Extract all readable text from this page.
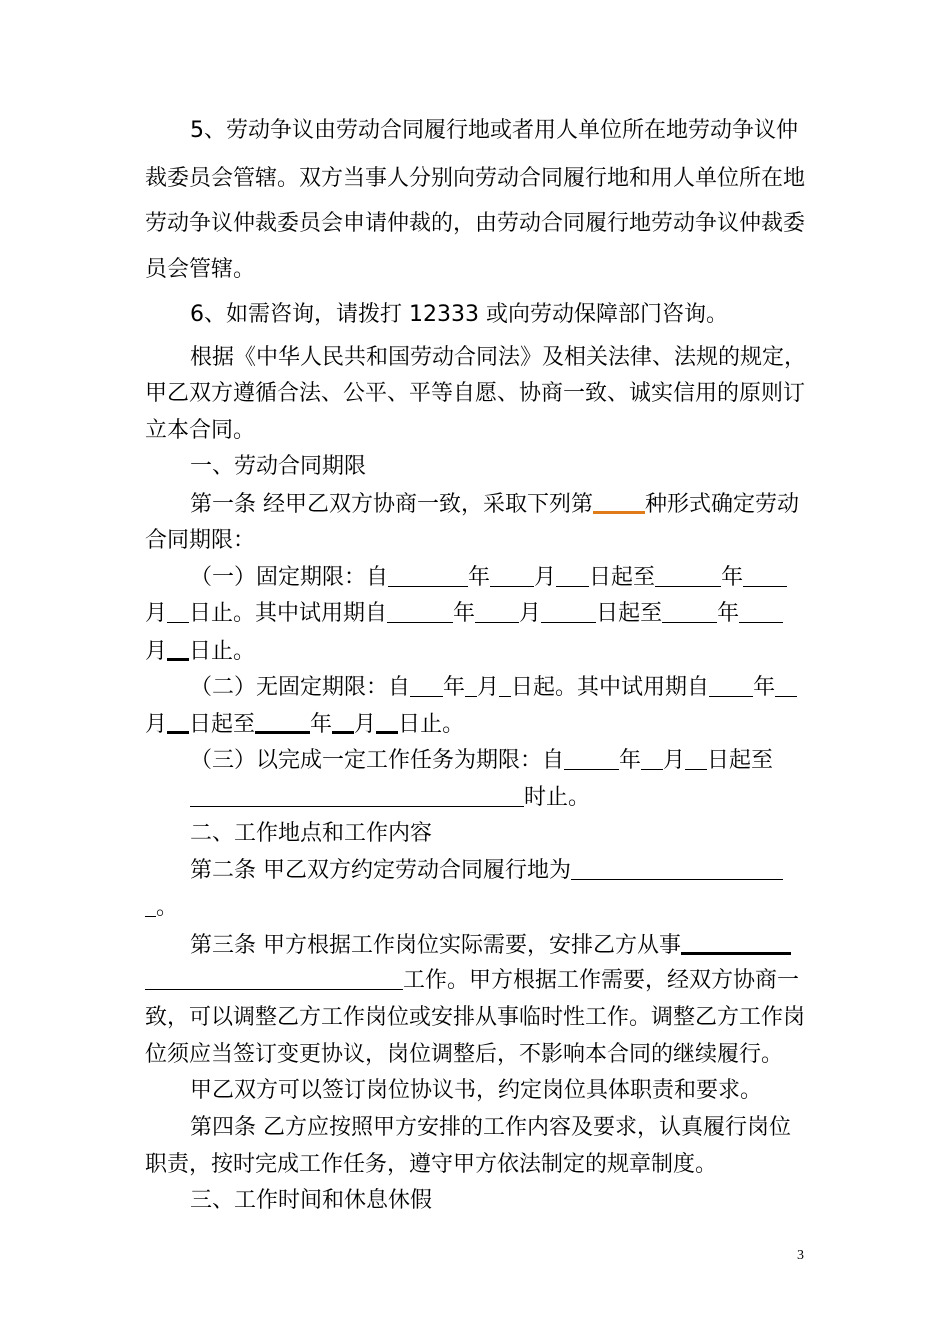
5、劳动争议由劳动合同履行地或者用人单位所在地劳动争议仲
裁委员会管辖。双方当事人分别向劳动合同履行地和用人单位所在地
劳动争议仲裁委员会申请仲裁的，由劳动合同履行地劳动争议仲裁委
员会管辖。
6、如需咨询，请拨打 12333 或向劳动保障部门咨询。
根据《中华人民共和国劳动合同法》及相关法律、法规的规定，
甲乙双方遵循合法、公平、平等自愿、协商一致、诚实信用的原则订
立本合同。
一、劳动合同期限
第一条 经甲乙双方协商一致，采取下列第 种形式确定劳动
合同期限：
（一）固定期限：自	年 月 日起至	年
月 日止。其中试用期自	年 月	日起至	年
月 日止。
（二）无固定期限：自 年 月 日起。其中试用期自 年
月 日起至	年 月 日止。
（三）以完成一定工作任务为期限：自	年 月 日起至
时止。
二、工作地点和工作内容
第二条 甲乙双方约定劳动合同履行地为
。
第三条 甲方根据工作岗位实际需要，安排乙方从事
工作。甲方根据工作需要，经双方协商一
致，可以调整乙方工作岗位或安排从事临时性工作。调整乙方工作岗
位须应当签订变更协议，岗位调整后，不影响本合同的继续履行。
甲乙双方可以签订岗位协议书，约定岗位具体职责和要求。
第四条 乙方应按照甲方安排的工作内容及要求，认真履行岗位
职责，按时完成工作任务，遵守甲方依法制定的规章制度。
三、工作时间和休息休假
3
